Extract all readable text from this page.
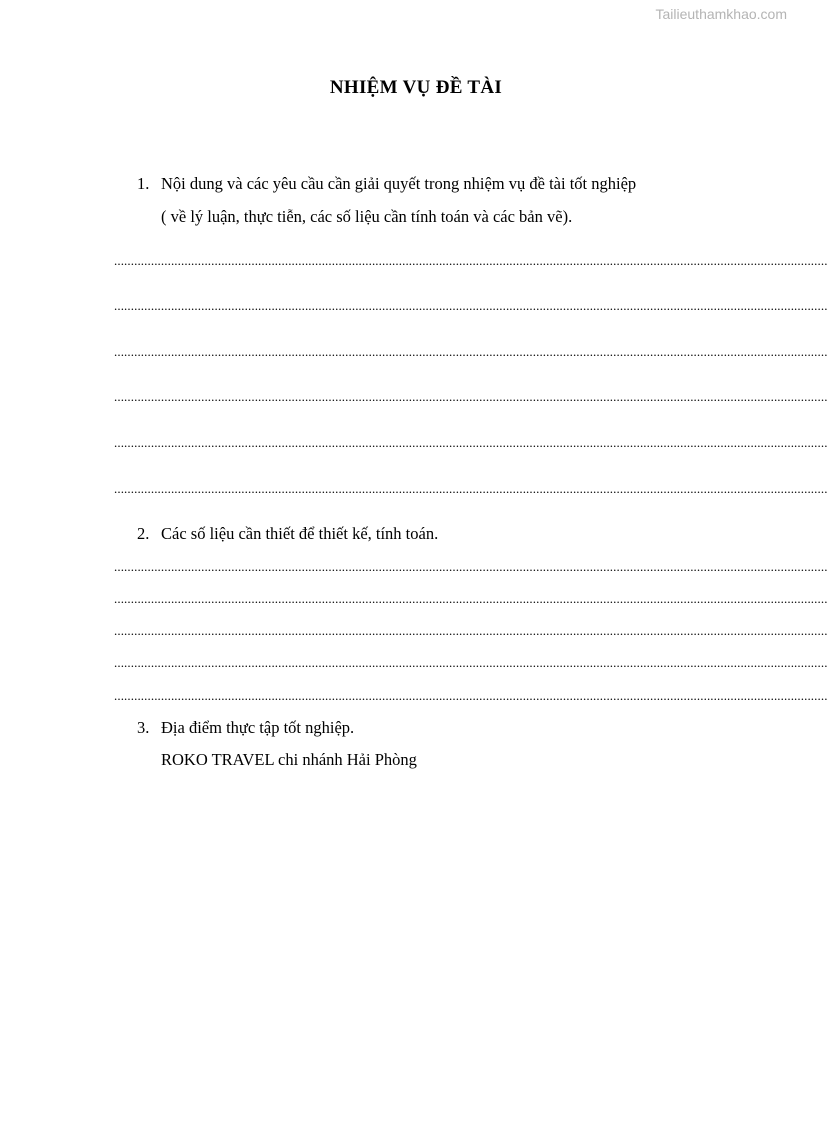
Tailieuthamkhao.com
NHIỆM VỤ ĐỀ TÀI
1. Nội dung và các yêu cầu cần giải quyết trong nhiệm vụ đề tài tốt nghiệp
( về lý luận, thực tiễn, các số liệu cần tính toán và các bản vẽ).
.....................................................................................................................................................................................................................
.....................................................................................................................................................................................................................
.....................................................................................................................................................................................................................
.....................................................................................................................................................................................................................
.....................................................................................................................................................................................................................
.....................................................................................................................................................................................................................
2. Các số liệu cần thiết để thiết kế, tính toán.
.....................................................................................................................................................................................................................
.....................................................................................................................................................................................................................
.....................................................................................................................................................................................................................
.....................................................................................................................................................................................................................
.....................................................................................................................................................................................................................
3. Địa điểm thực tập tốt nghiệp.
ROKO TRAVEL chi nhánh Hải Phòng
